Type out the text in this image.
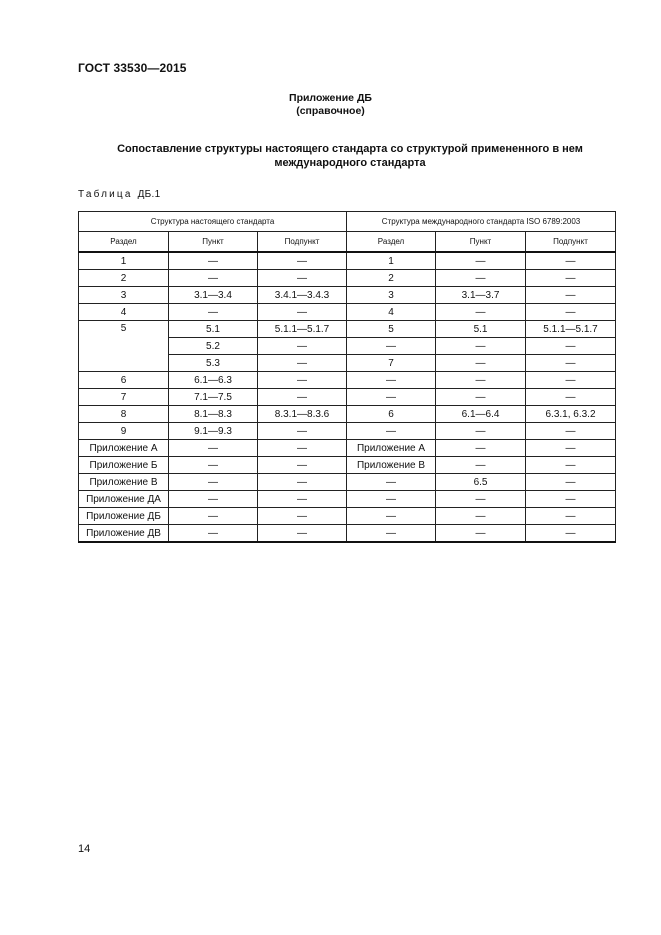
ГОСТ 33530—2015
Приложение ДБ
(справочное)
Сопоставление структуры настоящего стандарта со структурой примененного в нем
международного стандарта
Таблица ДБ.1
Структура настоящего стандарта			Структура международного стандарта ISO 6789:2003		
Раздел	Пункт	Подпункт	Раздел	Пункт	Подпункт
1	—	—	1	—	—
2	—	—	2	—	—
3	3.1—3.4	3.4.1—3.4.3	3	3.1—3.7	—
4	—	—	4	—	—
5	5.1	5.1.1—5.1.7	5	5.1	5.1.1—5.1.7
	5.2	—	—	—	—
	5.3	—	7	—	—
6	6.1—6.3	—	—	—	—
7	7.1—7.5	—	—	—	—
8	8.1—8.3	8.3.1—8.3.6	6	6.1—6.4	6.3.1, 6.3.2
9	9.1—9.3	—	—	—	—
Приложение А	—	—	Приложение А	—	—
Приложение Б	—	—	Приложение В	—	—
Приложение В	—	—	—	6.5	—
Приложение ДА	—	—	—	—	—
Приложение ДБ	—	—	—	—	—
Приложение ДВ	—	—	—	—	—
14
